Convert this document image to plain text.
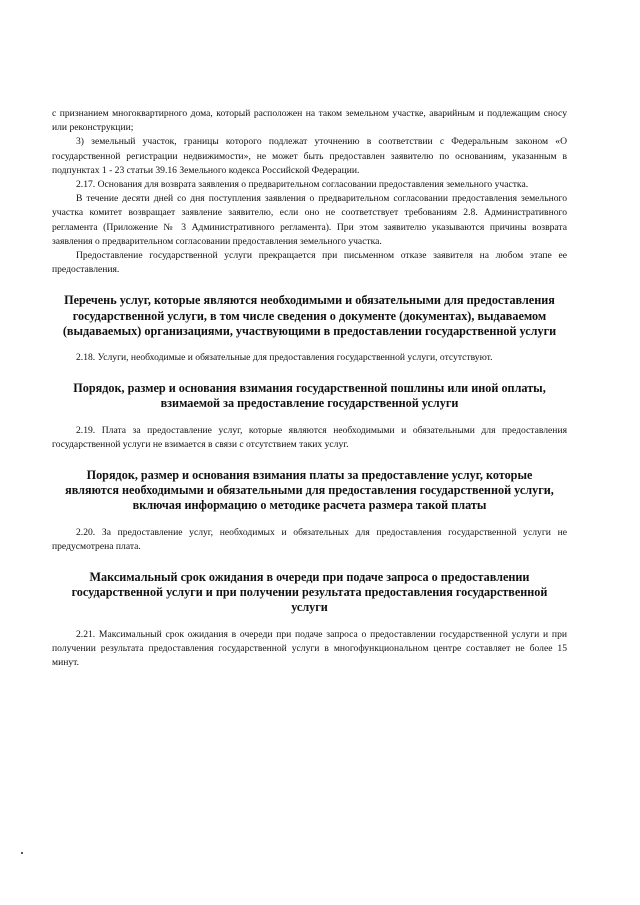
с признанием многоквартирного дома, который расположен на таком земельном участке, аварийным и подлежащим сносу или реконструкции;

3) земельный участок, границы которого подлежат уточнению в соответствии с Федеральным законом «О государственной регистрации недвижимости», не может быть предоставлен заявителю по основаниям, указанным в подпунктах 1 - 23 статьи 39.16 Земельного кодекса Российской Федерации.

2.17. Основания для возврата заявления о предварительном согласовании предоставления земельного участка.

В течение десяти дней со дня поступления заявления о предварительном согласовании предоставления земельного участка комитет возвращает заявление заявителю, если оно не соответствует требованиям 2.8. Административного регламента (Приложение № 3 Административного регламента). При этом заявителю указываются причины возврата заявления о предварительном согласовании предоставления земельного участка.

Предоставление государственной услуги прекращается при письменном отказе заявителя на любом этапе ее предоставления.

Перечень услуг, которые являются необходимыми и обязательными для предоставления государственной услуги, в том числе сведения о документе (документах), выдаваемом (выдаваемых) организациями, участвующими в предоставлении государственной услуги

2.18. Услуги, необходимые и обязательные для предоставления государственной услуги, отсутствуют.

Порядок, размер и основания взимания государственной пошлины или иной оплаты, взимаемой за предоставление государственной услуги

2.19. Плата за предоставление услуг, которые являются необходимыми и обязательными для предоставления государственной услуги не взимается в связи с отсутствием таких услуг.

Порядок, размер и основания взимания платы за предоставление услуг, которые являются необходимыми и обязательными для предоставления государственной услуги, включая информацию о методике расчета размера такой платы

2.20. За предоставление услуг, необходимых и обязательных для предоставления государственной услуги не предусмотрена плата.

Максимальный срок ожидания в очереди при подаче запроса о предоставлении государственной услуги и при получении результата предоставления государственной услуги

2.21. Максимальный срок ожидания в очереди при подаче запроса о предоставлении государственной услуги и при получении результата предоставления государственной услуги в многофункциональном центре составляет не более 15 минут.
